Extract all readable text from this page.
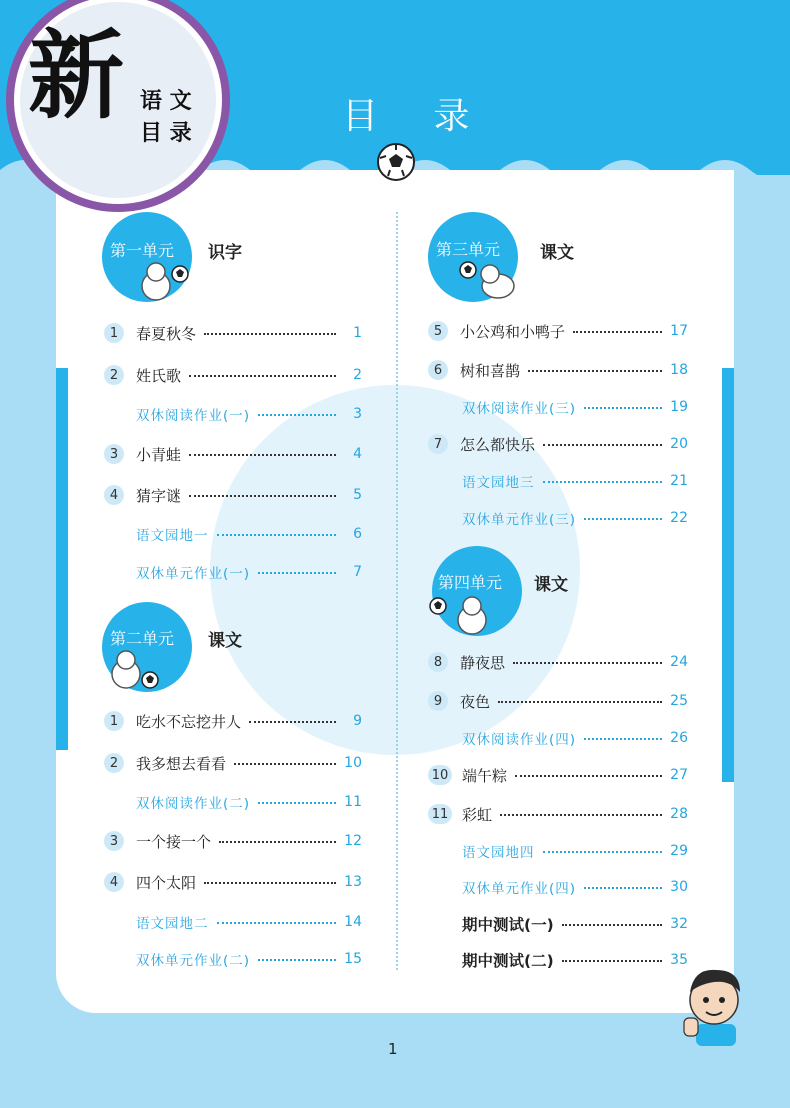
新 语 文
目 录	目 录
第一单元 识字
第二单元 课文
第三单元 课文
第四单元 课文
1	春夏秋冬	1
2	姓氏歌	2
双休阅读作业(一)	3
3	小青蛙	4
4	猜字谜	5
语文园地一	6
双休单元作业(一)	7
1	吃水不忘挖井人	9
2	我多想去看看	10
双休阅读作业(二)	11
3	一个接一个	12
4	四个太阳	13
语文园地二	14
双休单元作业(二)	15
5	小公鸡和小鸭子	17
6	树和喜鹊	18
双休阅读作业(三)	19
7	怎么都快乐	20
语文园地三	21
双休单元作业(三)	22
8	静夜思	24
9	夜色	25
双休阅读作业(四)	26
10 端午粽	27
11 彩虹	28
语文园地四	29
双休单元作业(四)	30
期中测试(一)	32
期中测试(二)	35
1
